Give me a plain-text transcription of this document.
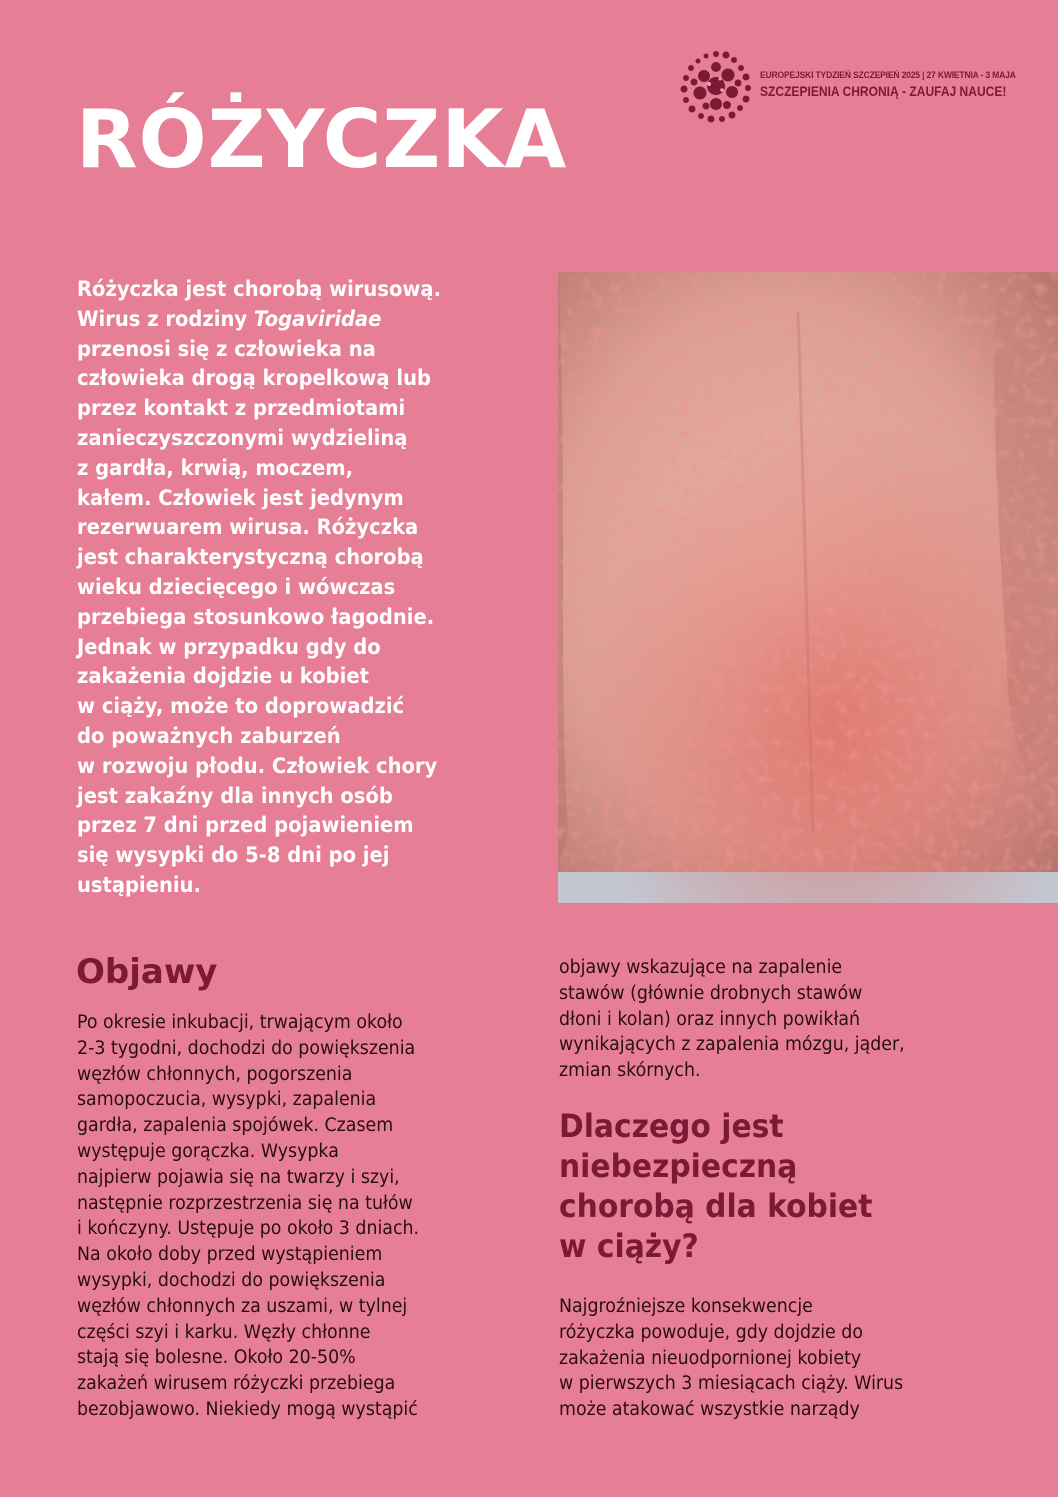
EUROPEJSKI TYDZIEŃ SZCZEPIEŃ 2025 | 27 KWIETNIA - 3 MAJA
SZCZEPIENIA CHRONIĄ - ZAUFAJ NAUCE!
RÓŻYCZKA
Różyczka jest chorobą wirusową.
Wirus z rodziny Togaviridae
przenosi się z człowieka na
człowieka drogą kropelkową lub
przez kontakt z przedmiotami
zanieczyszczonymi wydzieliną
z gardła, krwią, moczem,
kałem. Człowiek jest jedynym
rezerwuarem wirusa. Różyczka
jest charakterystyczną chorobą
wieku dziecięcego i wówczas
przebiega stosunkowo łagodnie.
Jednak w przypadku gdy do
zakażenia dojdzie u kobiet
w ciąży, może to doprowadzić
do poważnych zaburzeń
w rozwoju płodu. Człowiek chory
jest zakaźny dla innych osób
przez 7 dni przed pojawieniem
się wysypki do 5-8 dni po jej
ustąpieniu.
Objawy
Po okresie inkubacji, trwającym około
2-3 tygodni, dochodzi do powiększenia
węzłów chłonnych, pogorszenia
samopoczucia, wysypki, zapalenia
gardła, zapalenia spojówek. Czasem
występuje gorączka. Wysypka
najpierw pojawia się na twarzy i szyi,
następnie rozprzestrzenia się na tułów
i kończyny. Ustępuje po około 3 dniach.
Na około doby przed wystąpieniem
wysypki, dochodzi do powiększenia
węzłów chłonnych za uszami, w tylnej
części szyi i karku. Węzły chłonne
stają się bolesne. Około 20-50%
zakażeń wirusem różyczki przebiega
bezobjawowo. Niekiedy mogą wystąpić
objawy wskazujące na zapalenie
stawów (głównie drobnych stawów
dłoni i kolan) oraz innych powikłań
wynikających z zapalenia mózgu, jąder,
zmian skórnych.
Dlaczego jest
niebezpieczną
chorobą dla kobiet
w ciąży?
Najgroźniejsze konsekwencje
różyczka powoduje, gdy dojdzie do
zakażenia nieuodpornionej kobiety
w pierwszych 3 miesiącach ciąży. Wirus
może atakować wszystkie narządy
